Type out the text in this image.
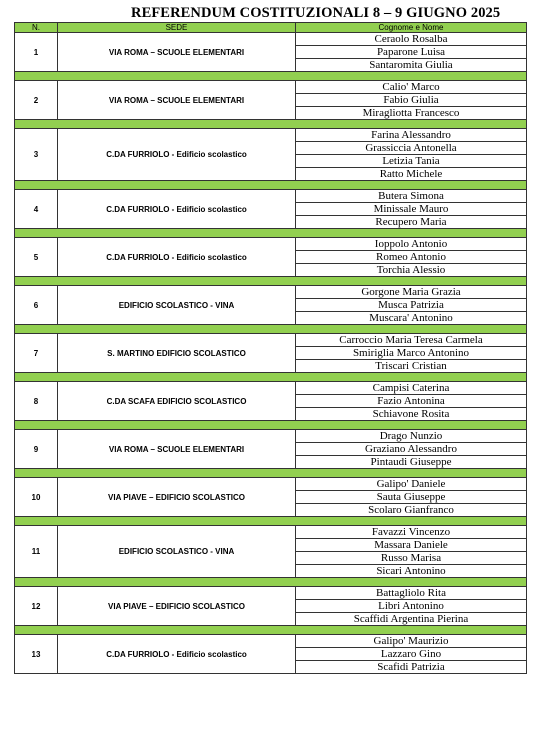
REFERENDUM COSTITUZIONALI 8 – 9 GIUGNO 2025
N.	SEDE	Cognome e Nome
1	VIA ROMA – SCUOLE ELEMENTARI	Ceraolo Rosalba
		Paparone Luisa
		Santaromita Giulia

2	VIA ROMA – SCUOLE ELEMENTARI	Calio' Marco
		Fabio Giulia
		Miragliotta Francesco

3	C.DA FURRIOLO - Edificio scolastico	Farina Alessandro
		Grassiccia Antonella
		Letizia Tania
		Ratto Michele

4	C.DA FURRIOLO - Edificio scolastico	Butera Simona
		Minissale Mauro
		Recupero Maria

5	C.DA FURRIOLO - Edificio scolastico	Ioppolo Antonio
		Romeo Antonio
		Torchia Alessio

6	EDIFICIO SCOLASTICO - VINA	Gorgone Maria Grazia
		Musca Patrizia
		Muscara' Antonino

7	S. MARTINO EDIFICIO SCOLASTICO	Carroccio Maria Teresa Carmela
		Smiriglia Marco Antonino
		Triscari Cristian

8	C.DA SCAFA EDIFICIO SCOLASTICO	Campisi Caterina
		Fazio Antonina
		Schiavone Rosita

9	VIA ROMA – SCUOLE ELEMENTARI	Drago Nunzio
		Graziano Alessandro
		Pintaudi Giuseppe

10	VIA PIAVE – EDIFICIO SCOLASTICO	Galipo' Daniele
		Sauta Giuseppe
		Scolaro Gianfranco

11	EDIFICIO SCOLASTICO - VINA	Favazzi Vincenzo
		Massara Daniele
		Russo Marisa
		Sicari Antonino

12	VIA PIAVE – EDIFICIO SCOLASTICO	Battagliolo Rita
		Libri Antonino
		Scaffidi Argentina Pierina

13	C.DA FURRIOLO - Edificio scolastico	Galipo' Maurizio
		Lazzaro Gino
		Scafidi Patrizia
